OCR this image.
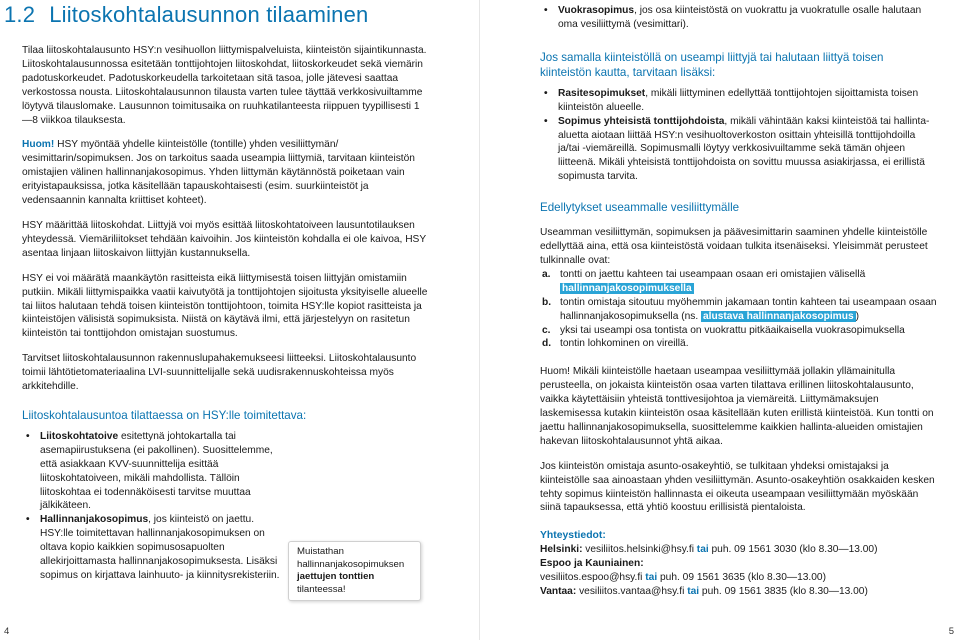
1.2 Liitoskohtalausunnon tilaaminen

Tilaa liitoskohtalausunto HSY:n vesihuollon liittymispalveluista, kiinteistön sijaintikunnasta. Liitoskohtalausunnossa esitetään tonttijohtojen liitoskohdat, liitoskorkeudet sekä viemärin padotuskorkeudet. Padotuskorkeudella tarkoitetaan sitä tasoa, jolle jätevesi saattaa verkostossa nousta. Liitoskohtalausunnon tilausta varten tulee täyttää verkkosivuiltamme löytyvä tilauslomake. Lausunnon toimitusaika on ruuhkatilanteesta riippuen tyypillisesti 1—8 viikkoa tilauksesta.

Huom! HSY myöntää yhdelle kiinteistölle (tontille) yhden vesiliittymän/ vesimittarin/sopimuksen. Jos on tarkoitus saada useampia liittymiä, tarvitaan kiinteistön omistajien välinen hallinnanjakosopimus. Yhden liittymän käytännöstä poiketaan vain erityistapauksissa, jotka käsitellään tapauskohtaisesti (esim. suurkiinteistöt ja vedensaannin kannalta kriittiset kohteet).

HSY määrittää liitoskohdat. Liittyjä voi myös esittää liitoskohtatoiveen lausuntotilauksen yhteydessä. Viemäriliitokset tehdään kaivoihin. Jos kiinteistön kohdalla ei ole kaivoa, HSY asentaa linjaan liitoskaivon liittyjän kustannuksella.

HSY ei voi määrätä maankäytön rasitteista eikä liittymisestä toisen liittyjän omistamiin putkiin. Mikäli liittymispaikka vaatii kaivutyötä ja tonttijohtojen sijoitusta yksityiselle alueelle tai liitos halutaan tehdä toisen kiinteistön tonttijohtoon, toimita HSY:lle kopiot rasitteista ja kiinteistöjen välisistä sopimuksista. Niistä on käytävä ilmi, että järjestelyyn on rasitetun kiinteistön tai tonttijohdon omistajan suostumus.

Tarvitset liitoskohtalausunnon rakennuslupahakemukseesi liitteeksi. Liitoskohtalausunto toimii lähtötietomateriaalina LVI-suunnittelijalle sekä uudisrakennuskohteissa myös arkkitehdille.

Liitoskohtalausuntoa tilattaessa on HSY:lle toimitettava:

• Liitoskohtatoive esitettynä johtokartalla tai asemapiirustuksena (ei pakollinen). Suosittelemme, että asiakkaan KVV-suunnittelija esittää liitoskohtatoiveen, mikäli mahdollista. Tällöin liitoskohtaa ei todennäköisesti tarvitse muuttaa jälkikäteen.
• Hallinnanjakosopimus, jos kiinteistö on jaettu. HSY:lle toimitettavan hallinnanjakosopimuksen on oltava kopio kaikkien sopimusosapuolten allekirjoittamasta hallinnanjakosopimuksesta. Lisäksi sopimus on kirjattava lainhuuto- ja kiinnitysrekisteriin.
Muistathan hallinnanjakosopimuksen
jaettujen tonttien
tilanteessa!
4
• Vuokrasopimus, jos osa kiinteistöstä on vuokrattu ja vuokratulle osalle halutaan oma vesiliittymä (vesimittari).

Jos samalla kiinteistöllä on useampi liittyjä tai halutaan liittyä toisen kiinteistön kautta, tarvitaan lisäksi:

• Rasitesopimukset, mikäli liittyminen edellyttää tonttijohtojen sijoittamista toisen kiinteistön alueelle.
• Sopimus yhteisistä tonttijohdoista, mikäli vähintään kaksi kiinteistöä tai hallinta-aluetta aiotaan liittää HSY:n vesihuoltoverkoston osittain yhteisillä tonttijohdoilla ja/tai -viemäreillä. Sopimusmalli löytyy verkkosivuiltamme sekä tämän ohjeen liitteenä. Mikäli yhteisistä tonttijohdoista on sovittu muussa asiakirjassa, ei erillistä sopimusta tarvita.

Edellytykset useammalle vesiliittymälle

Useamman vesiliittymän, sopimuksen ja päävesimittarin saaminen yhdelle kiinteistölle edellyttää aina, että osa kiinteistöstä voidaan tulkita itsenäiseksi. Yleisimmät perusteet tulkinnalle ovat:

a. tontti on jaettu kahteen tai useampaan osaan eri omistajien välisellä hallinnanjakosopimuksella
b. tontin omistaja sitoutuu myöhemmin jakamaan tontin kahteen tai useampaan osaan hallinnanjakosopimuksella (ns. alustava hallinnanjakosopimus )
c. yksi tai useampi osa tontista on vuokrattu pitkäaikaisella vuokrasopimuksella
d. tontin lohkominen on vireillä.

Huom! Mikäli kiinteistölle haetaan useampaa vesiliittymää jollakin yllämainitulla perusteella, on jokaista kiinteistön osaa varten tilattava erillinen liitoskohtalausunto, vaikka käytettäisiin yhteistä tonttivesijohtoa ja viemäreitä. Liittymämaksujen laskemisessa kutakin kiinteistön osaa käsitellään kuten erillistä kiinteistöä. Kun tontti on jaettu hallinnanjakosopimuksella, suosittelemme kaikkien hallinta-alueiden omistajien hakevan liitoskohtalausunnot yhtä aikaa.

Jos kiinteistön omistaja asunto-osakeyhtiö, se tulkitaan yhdeksi omistajaksi ja kiinteistölle saa ainoastaan yhden vesiliittymän. Asunto-osakeyhtiön osakkaiden kesken tehty sopimus kiinteistön hallinnasta ei oikeuta useampaan vesiliittymään myöskään siinä tapauksessa, että yhtiö koostuu erillisistä pientaloista.

Yhteystiedot:

Helsinki: vesiliitos.helsinki@hsy.fi tai puh. 09 1561 3030 (klo 8.30—13.00)

Espoo ja Kauniainen:

vesiliitos.espoo@hsy.fi tai puh. 09 1561 3635 (klo 8.30—13.00)

Vantaa: vesiliitos.vantaa@hsy.fi tai puh. 09 1561 3835 (klo 8.30—13.00)

5
